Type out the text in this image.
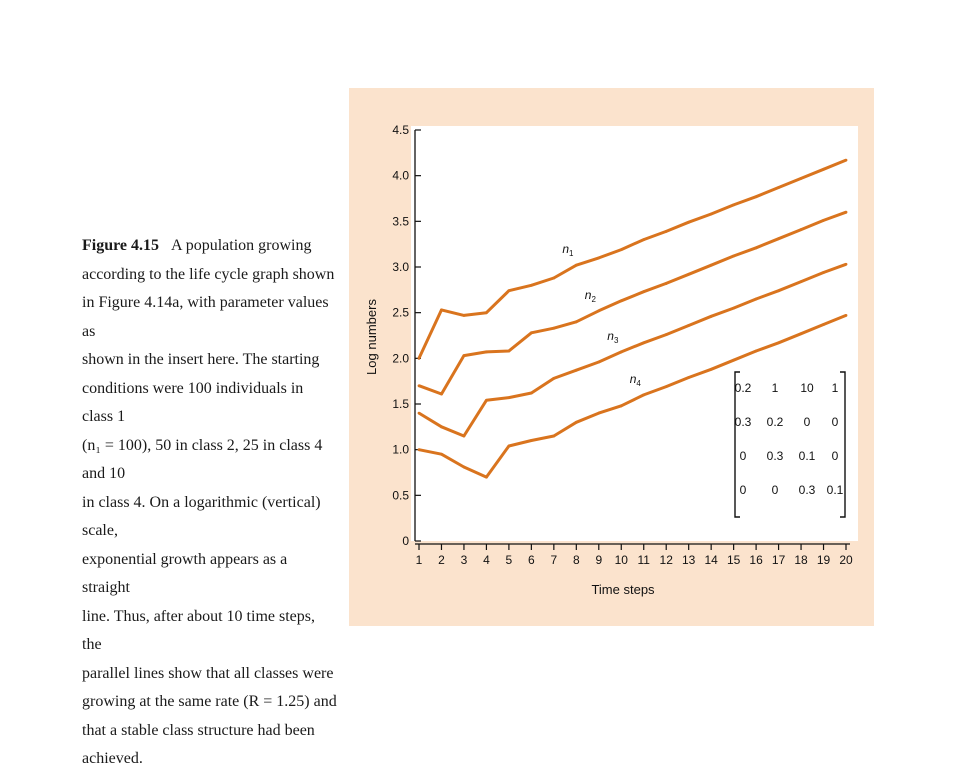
Figure 4.15 A population growing
according to the life cycle graph shown
in Figure 4.14a, with parameter values as
shown in the insert here. The starting
conditions were 100 individuals in class 1
(n₁ = 100), 50 in class 2, 25 in class 4 and 10
in class 4. On a logarithmic (vertical) scale,
exponential growth appears as a straight
line. Thus, after about 10 time steps, the
parallel lines show that all classes were
growing at the same rate (R = 1.25) and
that a stable class structure had been
achieved.
0
0.5
1.0
1.5
2.0
2.5
3.0
3.5
4.0
4.5
1 2 3 4 5 6 7 8 9 10 11 12 13 14 15 16 17 18 19 20
$n_1$
$n_2$
$n_3$
$n_4$	0.2 1 10 1
0.3 0.2 0 0
0 0.3 0.1 0
0 0 0.3 0.1
Time steps
Log numbers
